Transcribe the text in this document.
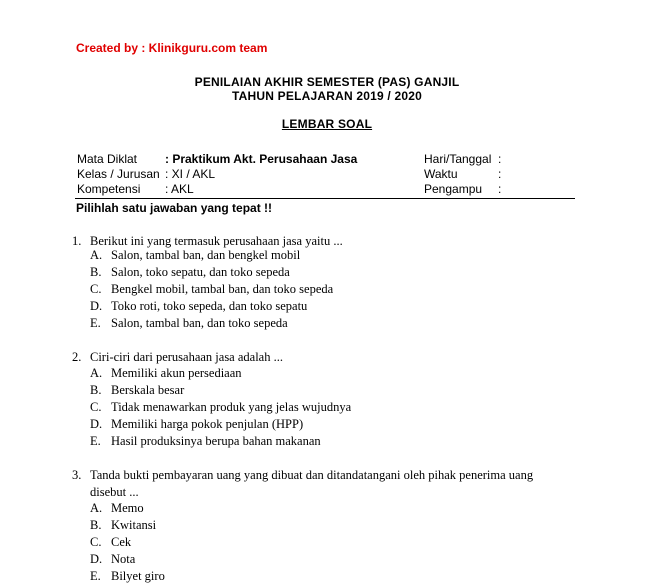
Created by : Klinikguru.com team
PENILAIAN AKHIR SEMESTER (PAS) GANJIL
TAHUN PELAJARAN 2019 / 2020
LEMBAR SOAL
Mata Diklat : Praktikum Akt. Perusahaan Jasa
Kelas / Jurusan : XI / AKL
Kompetensi : AKL
Hari/Tanggal :
Waktu	:
Pengampu :
Pilihlah satu jawaban yang tepat !!
1. Berikut ini yang termasuk perusahaan jasa yaitu ...
A. Salon, tambal ban, dan bengkel mobil
B. Salon, toko sepatu, dan toko sepeda
C. Bengkel mobil, tambal ban, dan toko sepeda
D. Toko roti, toko sepeda, dan toko sepatu
E. Salon, tambal ban, dan toko sepeda
2. Ciri-ciri dari perusahaan jasa adalah ...
A. Memiliki akun persediaan
B. Berskala besar
C. Tidak menawarkan produk yang jelas wujudnya
D. Memiliki harga pokok penjulan (HPP)
E. Hasil produksinya berupa bahan makanan
3. Tanda bukti pembayaran uang yang dibuat dan ditandatangani oleh pihak penerima uang
disebut ...
A. Memo
B. Kwitansi
C. Cek
D. Nota
E. Bilyet giro
